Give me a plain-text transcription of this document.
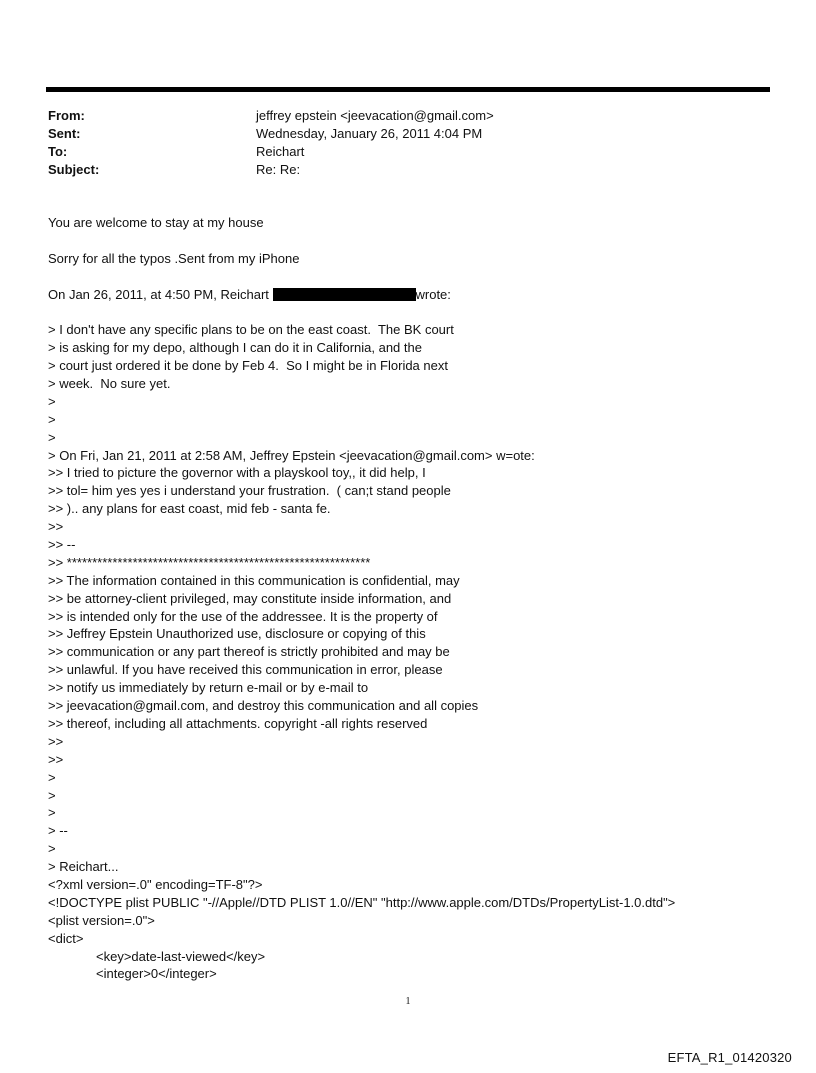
From:	jeffrey epstein <jeevacation@gmail.com>
Sent:	Wednesday, January 26, 2011 4:04 PM
To:	Reichart
Subject:	Re: Re:
You are welcome to stay at my house
Sorry for all the typos .Sent from my iPhone
On Jan 26, 2011, at 4:50 PM, Reichart	wrote:
> I don't have any specific plans to be on the east coast.  The BK court
> is asking for my depo, although I can do it in California, and the
> court just ordered it be done by Feb 4.  So I might be in Florida next
> week.  No sure yet.
>
>
>
> On Fri, Jan 21, 2011 at 2:58 AM, Jeffrey Epstein <jeevacation@gmail.com> w=ote:
>> I tried to picture the governor with a playskool toy,, it did help, I
>> tol= him yes yes i understand your frustration.  ( can;t stand people
>> ).. any plans for east coast, mid feb - santa fe.
>>
>> --
>> ************************************************************
>> The information contained in this communication is confidential, may
>> be attorney-client privileged, may constitute inside information, and
>> is intended only for the use of the addressee. It is the property of
>> Jeffrey Epstein Unauthorized use, disclosure or copying of this
>> communication or any part thereof is strictly prohibited and may be
>> unlawful. If you have received this communication in error, please
>> notify us immediately by return e-mail or by e-mail to
>> jeevacation@gmail.com, and destroy this communication and all copies
>> thereof, including all attachments. copyright -all rights reserved
>>
>>
>
>
>
> --
>
> Reichart...
<?xml version=.0" encoding=TF-8"?>
<!DOCTYPE plist PUBLIC "-//Apple//DTD PLIST 1.0//EN" "http://www.apple.com/DTDs/PropertyList-1.0.dtd">
<plist version=.0">
<dict>
<key>date-last-viewed</key>
<integer>0</integer>
1
EFTA_R1_01420320
